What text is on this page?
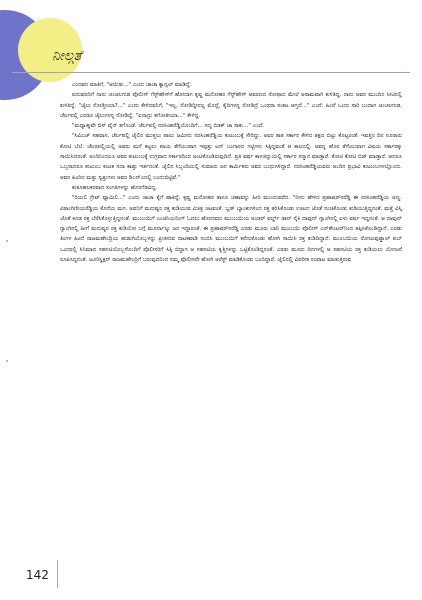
ನೀಲ್ಗತೆ

ಎಂದವನ ಮಾತಿಗೆ, "ಆಯಿತು..." ಎಂದು ಚಾಚಾ ಕ್ಯಾನ್ಸಲ್ ಮಾಡಿದ್ದೆ.

ಐದುವರದಿಗೆ ನಾನು ಚಂಚಲಗುಡ ಪೊಲೀಸ್ ಗೆಸ್ಟ್‌ಹೌಸ್‌ಗೆ ಹೋದಾಗ ಕೃಷ್ಣ ಮನೋಹರ ಗೆಸ್ಟ್‌ಹೌಸ್ ಆವರಣದ ಸೋಫಾದ ಮೇಲೆ ಆರಾಮವಾಗಿ ಕುಳಿತಿದ್ದ. ನಾನು ಅವನ ಮುಂದಿನ ಸೀಟಿನಲ್ಲಿ ಕುಳಿತಿದ್ದೆ. "ಜೈಲು ನೋಡ್ತೀಯಾ?..." ಎಂದು ಕೇಳಿದವನಿಗೆ, "ಇಲ್ಲ, ನೋಡಿದ್ದೀನಲ್ಲ ಮೊದ್ಲೆ, ಕೈದಿಗಳನ್ನ ನೋಡಿದ್ರೆ ಒಂಥರಾ ಸಂಕಟ ಆಗ್ತದೆ..." ಎಂದೆ. ಹಿಂದೆ ಒಂದು ಸಾರಿ ಬಂದಾಗ ಚಂಚಲಗುಡ, ಚೆರ್ಲಪಲ್ಲಿ ಎರಡೂ ಜೈಲುಗಳನ್ನ ನೋಡಿದ್ದೆ. "ಏನಾದ್ರು ತಗೋತೀಯಾ..." ಕೇಳಿದ್ದ.

"ಮಧ್ಯಾಹ್ನವೇ ಬಿಸ್ ವೈನ್ ತಗೊಂಡೆ. ಚೆರ್ಲಪಲ್ಲಿ ನರಸಿಂಹರೆಡ್ಡಿಯೊಂದಿಗೆ... ಸದ್ಯ ಬಿಡಕ್ ಚಾ ಸಾಕು..." ಎಂದೆ.

"ಸಿವಿಎಚ್ ಸಹವಾಸ, ಚೆರ್ಲಪಲ್ಲಿ ಜೈಲಿನ ಮುತ್ತಲು ಪಾಲು ಜಮೀನು ನರಸಿಂಹರೆಡ್ಡಿಯ ಕುಟುಂಬಕ್ಕೆ ಸೇರಿದ್ದು. ಅವರ ತಾತ ಸರ್ಕಾರ ಕೇಳಿದ ತಕ್ಷಣ ಬಿಟ್ಟು ಕೊಟ್ಟರಂತೆ. ಇವತ್ತಿನ ದಿನ ನೂರಾರು ಕೋಟಿ ಬೆಲೆ. ಚೆಲರಪಲ್ಲಿಯಲ್ಲಿ ಅವರು ಮನೆ ಕಟ್ಟಲು ಪಾಯ ತೆಗೆಯುವಾಗ ಇಪ್ಪತ್ತು ಟನ್ ಬಂಗಾರದ ಗಟ್ಟಿಗಳು ಸಿಕ್ಕಿದ್ದವಂತೆ ಆ ಕಾಲದಲ್ಲಿ. ಅವನ್ನ ಹೊರ ತೆಗೆಯುವಾಗ ವಿಷಯ ಸರ್ಕಾರಕ್ಕು ಸಾಯಿಸಿದರಂತೆ. ಅಂದಿನಿಂದಲೂ ಅವರ ಕುಟುಂಬಕ್ಕೆ ಉಗ್ರವಾದ ಸರ್ಕಾರದಿಂದ ಅಂಟಿಕೊಂಡಿರುವುದಿದೆ. ಪ್ರತಿ ವರ್ಷ ಕಾಳಜಿನ್ನುಯಲ್ಲಿ ಸರ್ಕಾರ ಸನ್ಮಾನ ಮಾಡ್ತಾರೆ. ಕೋಟಿ ಕೋಟಿ ಬಿಡ್ ಮಾಡ್ತಾರೆ. ಆದರೂ ಒಬ್ಬರಾದರೂ ಕುಟುಂಬ ಕಂಟಕ ಸದಾ ಕಾಡ್ತು ಇರ್ತದಂತೆ. ಜೈಲಿನ ಸಿಬ್ಬಂದಿಯಲ್ಲಿ ಸುಮಾರು ಜನ ಕಾರ್ಮಿಕರು ಅವರ ಬಂಧುಗಳಿದ್ದಾರೆ. ನರಸಿಂಹರೆಡ್ಡಿಯವರು ಅಂದಿನ ಪ್ರಭಾವಿ ಕುಟುಂಬಗಳಲ್ಲೊಂದು. ಅವರ ಹಿಂದಿನ ಮತ್ತು ಸ್ವತ್ತುಗಳು ಅವರ ಡಿಎನ್‌ಎನಲ್ಲಿ ಬಂದುಬಿಟ್ಟಿವೆ."

ಕುತೂಹಲಕರವಾದ ಸಂಗತಿಗಳನ್ನು ಹೊರಗೆಡವಿದ್ದ.

"ರಿಯಲಿ ಗ್ರೇಟ್ ಫ್ಯಾಮಿಲಿ..." ಎಂದು ಚಾಚಾ ಕೈಗೆ ಹಾಕಿದ್ದೆ. ಕೃಷ್ಣ ಮನೋಹರ ತಾನೂ ಚಹಾವನ್ನು ಹೀರಿ ಮುಂದುವರೆದ. "ನೀನು ಹೇಳಿದ ಪ್ರಹಾಷರ್‌ನರೆಡ್ಡಿ ಈ ನರಸಿಂಹರೆಡ್ಡಿಯ ಅಣ್ಣ. ವಿಠಾಂಗಿಣೀಯರೆಡ್ಡಿಯ ಕೊನೆಯ ಮಗ. ಅವನಿಗೆ ಮನುಷ್ಯರ ರಕ್ತ ಕುಡಿಯುವ ವಿಚಿತ್ರ ಚಟವಂತೆ. ಬ್ಲಡ್ ಬ್ಯಾಂಕುಗಳಿಂದ ರಕ್ತ ತರಿಸಿಕೊಂಡು ಊಟದ ಜೊತೆ ನಂಚಿಕೊಂಡು ಕುಡಿಯುತ್ತಿದ್ದನಂತೆ. ಮತ್ತೆ ವಿಸ್ಕಿ ಜೊತೆ ಕೂಡ ರಕ್ತ ಬೆರೆಸಿಕೊಳ್ಳುತ್ತಿದ್ದನಂತೆ. ಮುಂಬಯಿಗೆ ಎಂಜಿನಿಯರಿಂಗ್ ಓದಲು ಹೋದವನು ಮುಂಬಯಿಯ ಅಂಡರ್ ವರ್ಲ್ಡ್ ಡಾನ್ ಸೈಕಿ ದಾವುದ್ ಗ್ಯಾಂಗಿನಲ್ಲಿ ಏಳು ವರ್ಷ ಇದ್ದನಂತೆ. ಆ ದಾವುದ್ ಗ್ಯಾಂಗಿನಲ್ಲಿ ಹೀಗೆ ಮನುಷ್ಯರ ರಕ್ತ ಕುಡಿಯೋ ಬಗ್ಗೆ ಮೂರ್ನಾಲ್ಕು ಜನ ಇದ್ದಾರಂತೆ. ಈ ಪ್ರಹಾಷರ್‌ನರೆಡ್ಡಿ ಎರಡು ಮೂರು ಬಾರಿ ಮುಂಬಯಿ ಪೊಲೀಸ್ ಎನ್‌ಕೌಂಟರ್‌ನಿಂದ ತಪ್ಪಿಸಿಕೊಂಡಿದ್ದಾನೆ. ಎರಡು ತಿಂಗಳ ಹಿಂದೆ ರಾಜಮಹೇಂದ್ರಿಯ ಹುಡುಗಿಯೊಬ್ಬಳನ್ನು ಪ್ರೀತಿಸುವ ನಾಟಕವಾಡಿ ನಂಬಿಸಿ ಮುಂಬಯಿಗೆ ಕರೆದುಕೊಂಡು ಹೋಗಿ ಸಾಯಿಸಿ ರಕ್ತ ಕುಡಿದಿದ್ದಾನೆ. ಮುಂಬಯಿಯ ರೋಜುವುಡ್ಡಾಲ್ ಪಬ್ ಒಂದರಲ್ಲಿ ಸಿನಿಮಾದ ಸಹನಟಿಯೊಬ್ಬಳೊಂದಿಗೆ ಪೊಲೀಸರಿಗೆ ಸಿಕ್ಕಿ ಬಿದ್ದಾಗ ಆ ಸಹನಟಿಯ ಕೃತ್ತಿಗಳನ್ನು ಒಟ್ಟಿಕೊಂಡಿದ್ದನಂತೆ. ಎರಡು ಮೂರು ದಿನಗಳಲ್ಲಿ ಆ ಸಹನಟಿಯ ರಕ್ತ ಕುಡಿಯಲು ಯೋಜನೆ ರೂಪಿಸಿದ್ದನಂತೆ. ಜೂರಿಸ್ಡಿಕ್ಷನ್ ರಾಜಮಹೇಂದ್ರಿಗೆ ಬರುವುದರಿಂದ ನಮ್ಮ ಪೊಲೀಸರೇ ಹೋಗಿ ಅರೆಸ್ಟ್ ಮಾಡಿಕೊಂಡು ಬಂದಿದ್ದಾರೆ. ಜೈಲಿನಲ್ಲಿ ವಿಪರೀತ ರಂಪಾಟ ಮಾಡುತ್ತಿರುವ

142
